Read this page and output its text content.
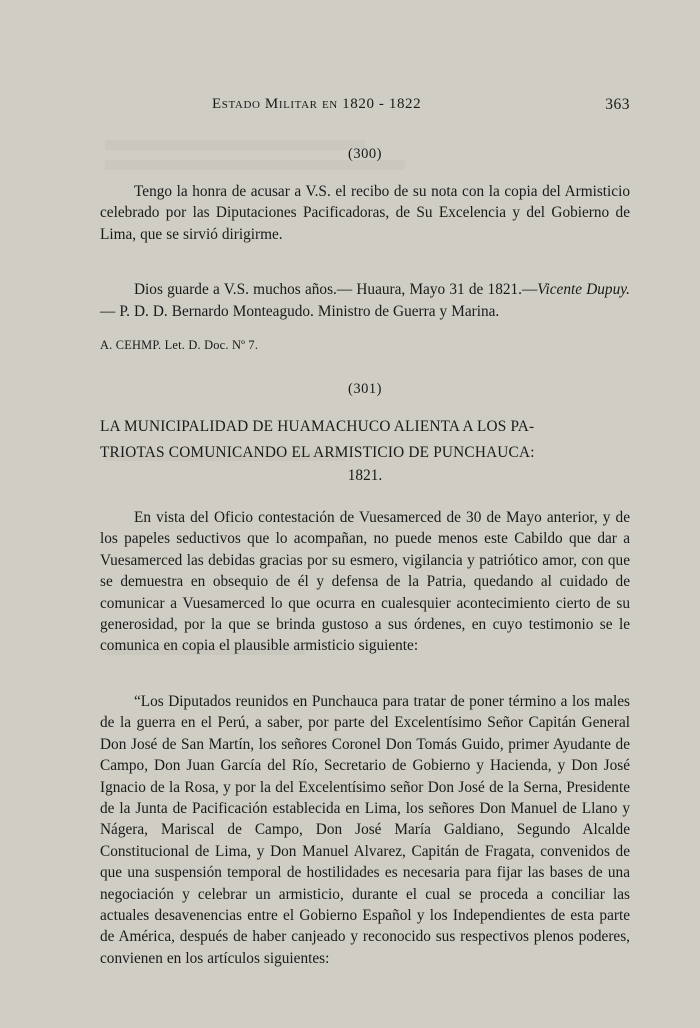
Estado Militar en 1820 - 1822	363
(300)

Tengo la honra de acusar a V.S. el recibo de su nota con la copia del Armisticio celebrado por las Diputaciones Pacificadoras, de Su Excelencia y del Gobierno de Lima, que se sirvió dirigirme.

Dios guarde a V.S. muchos años.— Huaura, Mayo 31 de 1821.—Vicente Dupuy.— P. D. D. Bernardo Monteagudo. Ministro de Guerra y Marina.

A. CEHMP. Let. D. Doc. Nº 7.

(301)
LA MUNICIPALIDAD DE HUAMACHUCO ALIENTA A LOS PA-
TRIOTAS COMUNICANDO EL ARMISTICIO DE PUNCHAUCA:
1821.

En vista del Oficio contestación de Vuesamerced de 30 de Mayo anterior, y de los papeles seductivos que lo acompañan, no puede menos este Cabildo que dar a Vuesamerced las debidas gracias por su esmero, vigilancia y patriótico amor, con que se demuestra en obsequio de él y defensa de la Patria, quedando al cuidado de comunicar a Vuesamerced lo que ocurra en cualesquier acontecimiento cierto de su generosidad, por la que se brinda gustoso a sus órdenes, en cuyo testimonio se le comunica en copia el plausible armisticio siguiente:

“Los Diputados reunidos en Punchauca para tratar de poner término a los males de la guerra en el Perú, a saber, por parte del Excelentísimo Señor Capitán General Don José de San Martín, los señores Coronel Don Tomás Guido, primer Ayudante de Campo, Don Juan García del Río, Secretario de Gobierno y Hacienda, y Don José Ignacio de la Rosa, y por la del Excelentísimo señor Don José de la Serna, Presidente de la Junta de Pacificación establecida en Lima, los señores Don Manuel de Llano y Nágera, Mariscal de Campo, Don José María Galdiano, Segundo Alcalde Constitucional de Lima, y Don Manuel Alvarez, Capitán de Fragata, convenidos de que una suspensión temporal de hostilidades es necesaria para fijar las bases de una negociación y celebrar un armisticio, durante el cual se proceda a conciliar las actuales desavenencias entre el Gobierno Español y los Independientes de esta parte de América, después de haber canjeado y reconocido sus respectivos plenos poderes, convienen en los artículos siguientes:
